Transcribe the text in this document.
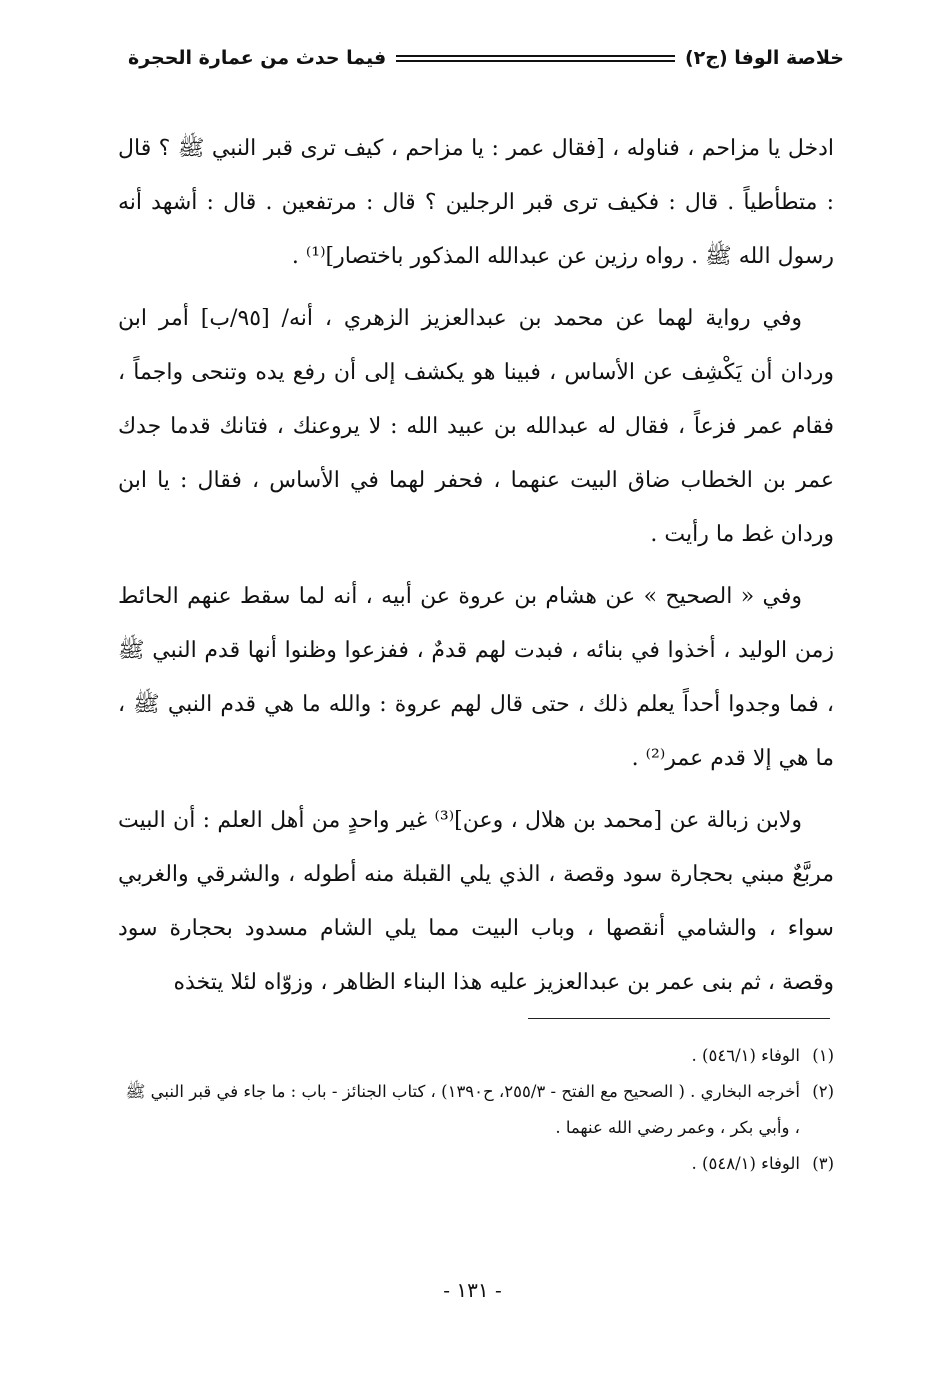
خلاصة الوفا (ج٢)
فيما حدث من عمارة الحجرة

ادخل يا مزاحم ، فناوله ، [فقال عمر : يا مزاحم ، كيف ترى قبر النبي ﷺ ؟ قال : متطأطياً . قال : فكيف ترى قبر الرجلين ؟ قال : مرتفعين . قال : أشهد أنه رسول الله ﷺ . رواه رزين عن عبدالله المذكور باختصار]⁽¹⁾ .

وفي رواية لهما عن محمد بن عبدالعزيز الزهري ، أنه/ [٩٥/ب] أمر ابن وردان أن يَكْشِف عن الأساس ، فبينا هو يكشف إلى أن رفع يده وتنحى واجماً ، فقام عمر فزعاً ، فقال له عبدالله بن عبيد الله : لا يروعنك ، فتانك قدما جدك عمر بن الخطاب ضاق البيت عنهما ، فحفر لهما في الأساس ، فقال : يا ابن وردان غط ما رأيت .

وفي « الصحيح » عن هشام بن عروة عن أبيه ، أنه لما سقط عنهم الحائط زمن الوليد ، أخذوا في بنائه ، فبدت لهم قدمٌ ، ففزعوا وظنوا أنها قدم النبي ﷺ ، فما وجدوا أحداً يعلم ذلك ، حتى قال لهم عروة : والله ما هي قدم النبي ﷺ ، ما هي إلا قدم عمر⁽²⁾ .

ولابن زبالة عن [محمد بن هلال ، وعن]⁽³⁾ غير واحدٍ من أهل العلم : أن البيت مربَّعٌ مبني بحجارة سود وقصة ، الذي يلي القبلة منه أطوله ، والشرقي والغربي سواء ، والشامي أنقصها ، وباب البيت مما يلي الشام مسدود بحجارة سود وقصة ، ثم بنى عمر بن عبدالعزيز عليه هذا البناء الظاهر ، وزوّاه لئلا يتخذه

(١)
الوفاء (٥٤٦/١) .
(٢)
أخرجه البخاري . ( الصحيح مع الفتح - ٢٥٥/٣، ح١٣٩٠) ، كتاب الجنائز - باب : ما جاء في قبر النبي ﷺ ، وأبي بكر ، وعمر رضي الله عنهما .
(٣)
الوفاء (٥٤٨/١) .
- ١٣١ -
